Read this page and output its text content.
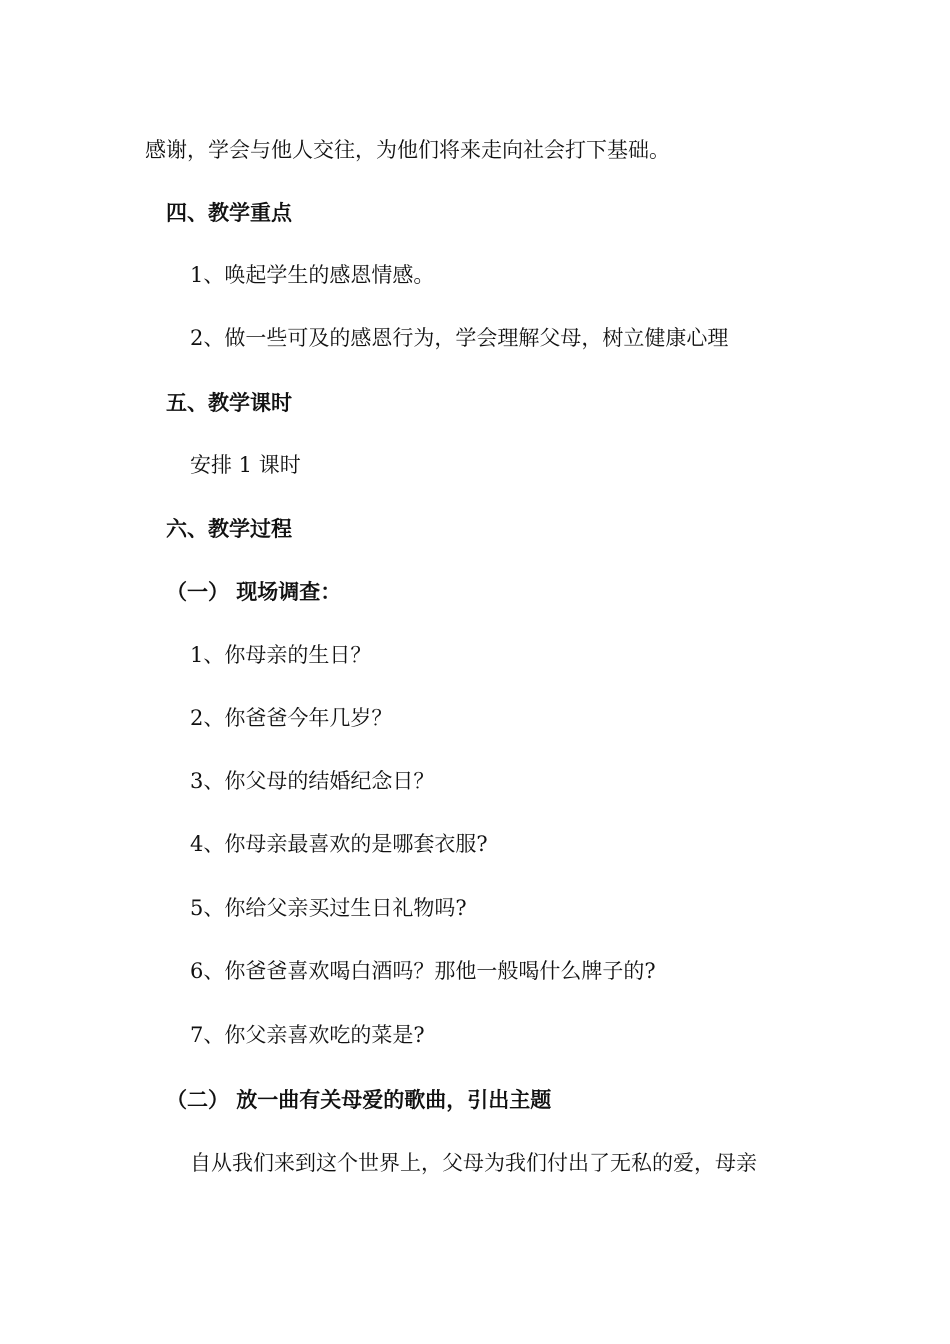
感谢，学会与他人交往，为他们将来走向社会打下基础。
四、教学重点
1、唤起学生的感恩情感。
2、做一些可及的感恩行为，学会理解父母，树立健康心理
五、教学课时
安排 1 课时
六、教学过程
（一） 现场调查：
1、你母亲的生日？
2、你爸爸今年几岁？
3、你父母的结婚纪念日？
4、你母亲最喜欢的是哪套衣服?
5、你给父亲买过生日礼物吗?
6、你爸爸喜欢喝白酒吗？那他一般喝什么牌子的?
7、你父亲喜欢吃的菜是?
（二） 放一曲有关母爱的歌曲，引出主题
自从我们来到这个世界上，父母为我们付出了无私的爱，母亲
